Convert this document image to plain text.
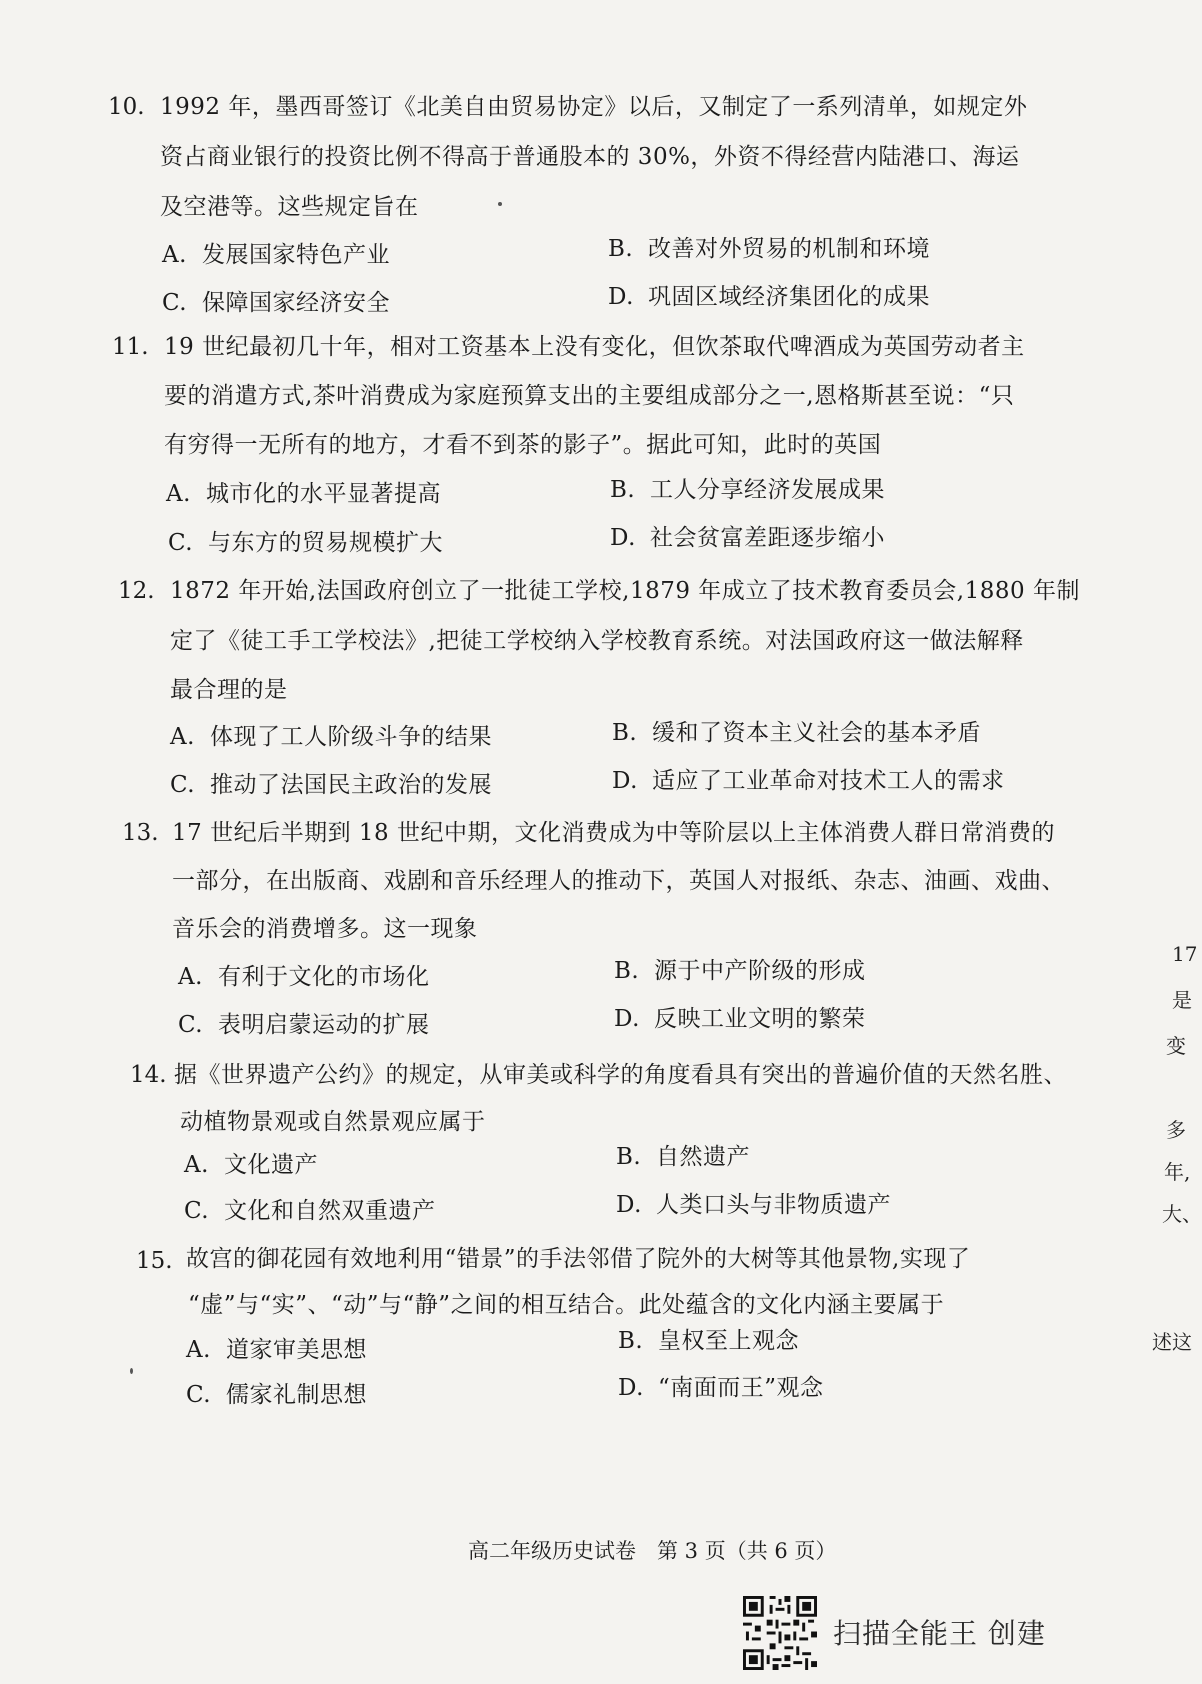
10. 1992 年，墨西哥签订《北美自由贸易协定》以后，又制定了一系列清单，如规定外
资占商业银行的投资比例不得高于普通股本的 30%，外资不得经营内陆港口、海运
及空港等。这些规定旨在
A. 发展国家特色产业	B. 改善对外贸易的机制和环境
C. 保障国家经济安全	D. 巩固区域经济集团化的成果
11. 19 世纪最初几十年，相对工资基本上没有变化，但饮茶取代啤酒成为英国劳动者主
要的消遣方式,茶叶消费成为家庭预算支出的主要组成部分之一,恩格斯甚至说：“只
有穷得一无所有的地方，才看不到茶的影子”。据此可知，此时的英国
A. 城市化的水平显著提高	B. 工人分享经济发展成果
C. 与东方的贸易规模扩大	D. 社会贫富差距逐步缩小
12. 1872 年开始,法国政府创立了一批徒工学校,1879 年成立了技术教育委员会,1880 年制
定了《徒工手工学校法》,把徒工学校纳入学校教育系统。对法国政府这一做法解释
最合理的是
A. 体现了工人阶级斗争的结果	B. 缓和了资本主义社会的基本矛盾
C. 推动了法国民主政治的发展	D. 适应了工业革命对技术工人的需求
13. 17 世纪后半期到 18 世纪中期，文化消费成为中等阶层以上主体消费人群日常消费的
一部分，在出版商、戏剧和音乐经理人的推动下，英国人对报纸、杂志、油画、戏曲、
音乐会的消费增多。这一现象
A. 有利于文化的市场化	B. 源于中产阶级的形成
C. 表明启蒙运动的扩展	D. 反映工业文明的繁荣
14. 据《世界遗产公约》的规定，从审美或科学的角度看具有突出的普遍价值的天然名胜、
动植物景观或自然景观应属于
A. 文化遗产	B. 自然遗产
C. 文化和自然双重遗产	D. 人类口头与非物质遗产
15. 故宫的御花园有效地利用“错景”的手法邻借了院外的大树等其他景物,实现了
“虚”与“实”、“动”与“静”之间的相互结合。此处蕴含的文化内涵主要属于
A. 道家审美思想	B. 皇权至上观念
C. 儒家礼制思想	D. “南面而王”观念
17
是
变
多
年,
大、
述这
高二年级历史试卷　第 3 页（共 6 页）
扫描全能王 创建
